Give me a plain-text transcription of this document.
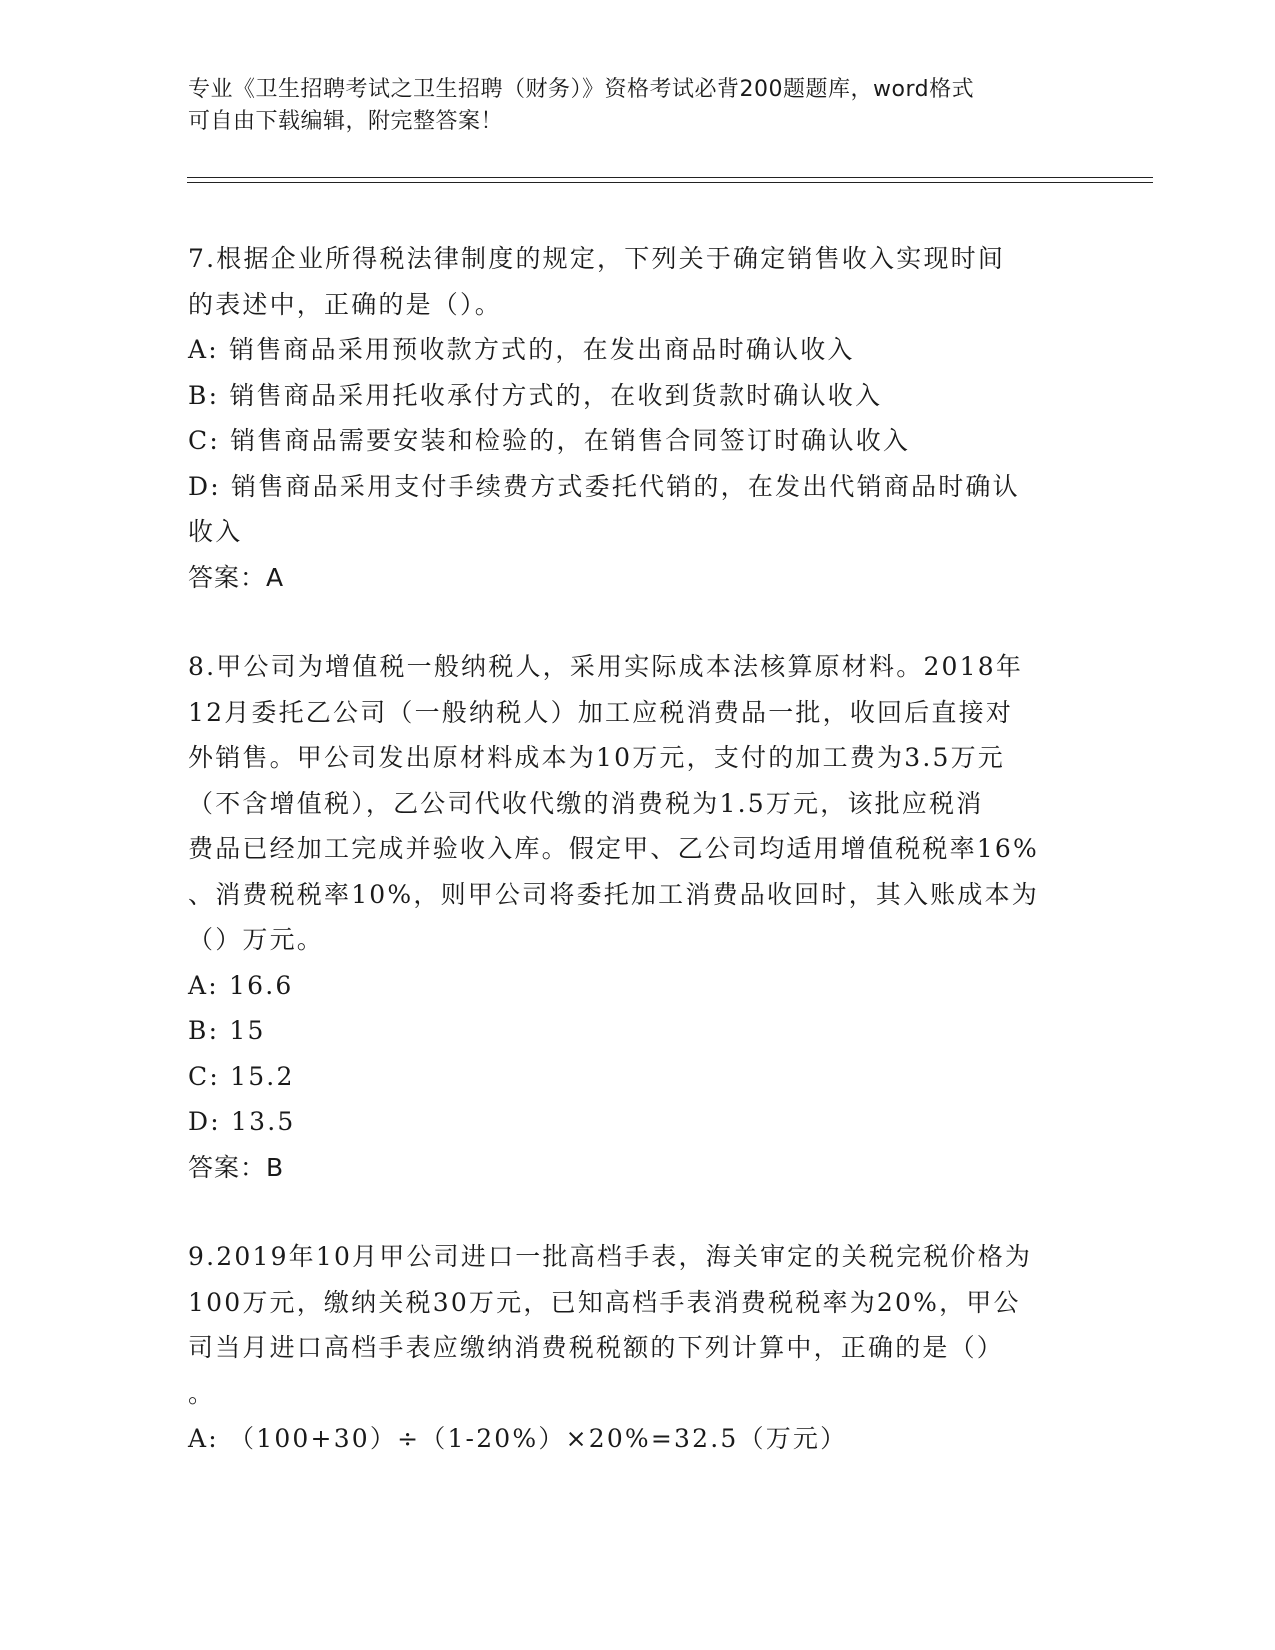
专业《卫生招聘考试之卫生招聘（财务）》资格考试必背200题题库，word格式

可自由下载编辑，附完整答案！

7.根据企业所得税法律制度的规定，下列关于确定销售收入实现时间

的表述中，正确的是（）。

A: 销售商品采用预收款方式的，在发出商品时确认收入

B: 销售商品采用托收承付方式的，在收到货款时确认收入

C: 销售商品需要安装和检验的，在销售合同签订时确认收入

D: 销售商品采用支付手续费方式委托代销的，在发出代销商品时确认

收入

答案：A

8.甲公司为增值税一般纳税人，采用实际成本法核算原材料。2018年

12月委托乙公司（一般纳税人）加工应税消费品一批，收回后直接对

外销售。甲公司发出原材料成本为10万元，支付的加工费为3.5万元

（不含增值税），乙公司代收代缴的消费税为1.5万元，该批应税消

费品已经加工完成并验收入库。假定甲、乙公司均适用增值税税率16%

、消费税税率10%，则甲公司将委托加工消费品收回时，其入账成本为

（）万元。

A: 16.6

B: 15

C: 15.2

D: 13.5

答案：B

9.2019年10月甲公司进口一批高档手表，海关审定的关税完税价格为

100万元，缴纳关税30万元，已知高档手表消费税税率为20%，甲公

司当月进口高档手表应缴纳消费税税额的下列计算中，正确的是（）

。

A: （100+30）÷（1-20%）×20%=32.5（万元）
